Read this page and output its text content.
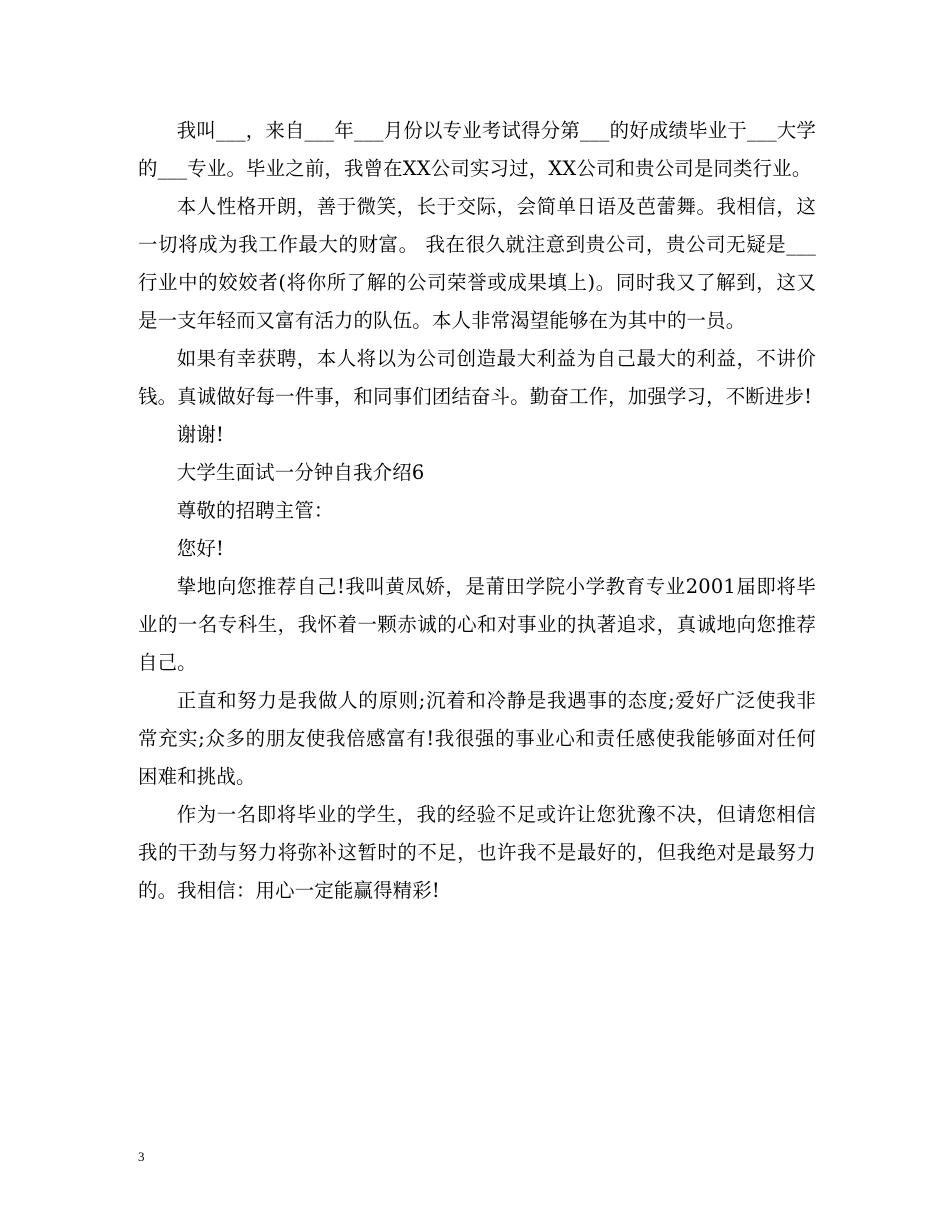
我叫___，来自___年___月份以专业考试得分第___的好成绩毕业于___大学的___专业。毕业之前，我曾在XX公司实习过，XX公司和贵公司是同类行业。

本人性格开朗，善于微笑，长于交际，会简单日语及芭蕾舞。我相信，这一切将成为我工作最大的财富。 我在很久就注意到贵公司，贵公司无疑是___行业中的姣姣者(将你所了解的公司荣誉或成果填上)。同时我又了解到，这又是一支年轻而又富有活力的队伍。本人非常渴望能够在为其中的一员。

如果有幸获聘，本人将以为公司创造最大利益为自己最大的利益，不讲价钱。真诚做好每一件事，和同事们团结奋斗。勤奋工作，加强学习，不断进步!

谢谢!

大学生面试一分钟自我介绍6

尊敬的招聘主管：

您好!

挚地向您推荐自己!我叫黄凤娇，是莆田学院小学教育专业2001届即将毕业的一名专科生，我怀着一颗赤诚的心和对事业的执著追求，真诚地向您推荐自己。

正直和努力是我做人的原则;沉着和冷静是我遇事的态度;爱好广泛使我非常充实;众多的朋友使我倍感富有!我很强的事业心和责任感使我能够面对任何困难和挑战。

作为一名即将毕业的学生，我的经验不足或许让您犹豫不决，但请您相信我的干劲与努力将弥补这暂时的不足，也许我不是最好的，但我绝对是最努力的。我相信：用心一定能赢得精彩!

3
